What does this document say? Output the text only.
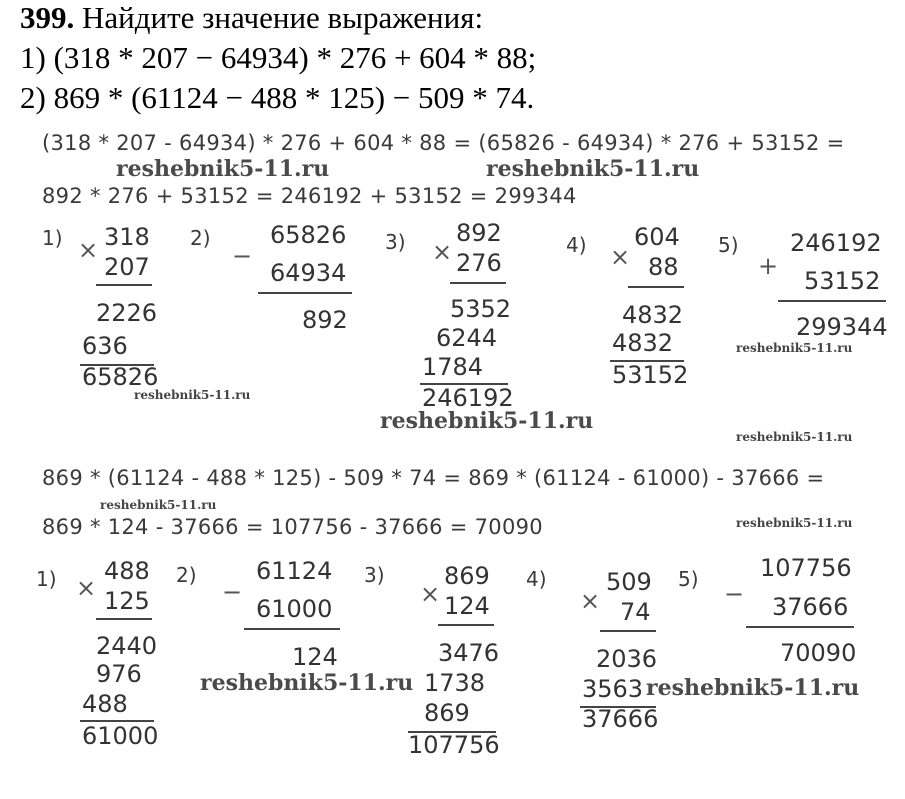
399. Найдите значение выражения:
1) (318 * 207 − 64934) * 276 + 604 * 88;
2) 869 * (61124 − 488 * 125) − 509 * 74.
(318 * 207 - 64934) * 276 + 604 * 88 = (65826 - 64934) * 276 + 53152 =
892 * 276 + 53152 = 246192 + 53152 = 299344
1)	2)	3)	4)	5)
× 318
207
2226
636
65826
−
65826
64934
892
×
892
276
5352
6244
1784
246192
×
604
88
4832
4832
53152
+
246192
53152
299344
869 * (61124 - 488 * 125) - 509 * 74 = 869 * (61124 - 61000) - 37666 =
869 * 124 - 37666 = 107756 - 37666 = 70090
1)	2)	3)	4)	5)
×
488
125
2440
976
488
61000
−
61124
61000
124
×
869
124
3476
1738
869
107756
×
509
74
2036
3563
37666
−
107756
37666
70090
reshebnik5-11.ru	reshebnik5-11.ru
reshebnik5-11.ru
reshebnik5-11.ru
reshebnik5-11.ru
reshebnik5-11.ru
reshebnik5-11.ru
reshebnik5-11.ru
reshebnik5-11.ru	reshebnik5-11.ru
